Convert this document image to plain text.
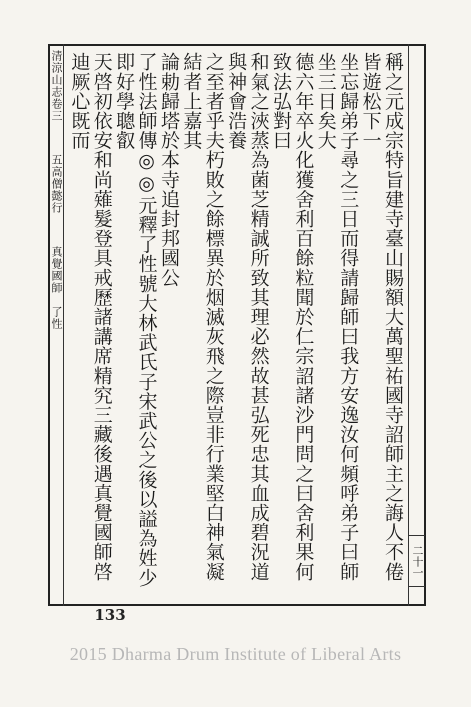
清涼山志卷三五高僧懿行真覺國師　了性	稱之元成宗特旨建寺臺山賜額大萬聖祐國寺詔師主之誨人不倦皆遊松下一
坐忘歸弟子尋之三日而得請歸師曰我方安逸汝何頻呼弟子曰師坐三日矣大
德六年卒火化獲舍利百餘粒聞於仁宗詔諸沙門問之曰舍利果何致法弘對曰
和氣之浹蒸為菌芝精誠所致其理必然故甚弘死忠其血成碧況道與神會浩養
之至者乎夫朽敗之餘標異於烟滅灰飛之際豈非行業堅白神氣凝結者上嘉其
論勅歸塔於本寺追封邦國公
了性法師傳◎◎元釋了性號大林武氏子宋武公之後以謚為姓少即好學聰叡
天啓初依安和尚薙髮登具戒歷諸講席精究三藏後遇真覺國師啓迪厥心既而
二十一
133
2015 Dharma Drum Institute of Liberal Arts
